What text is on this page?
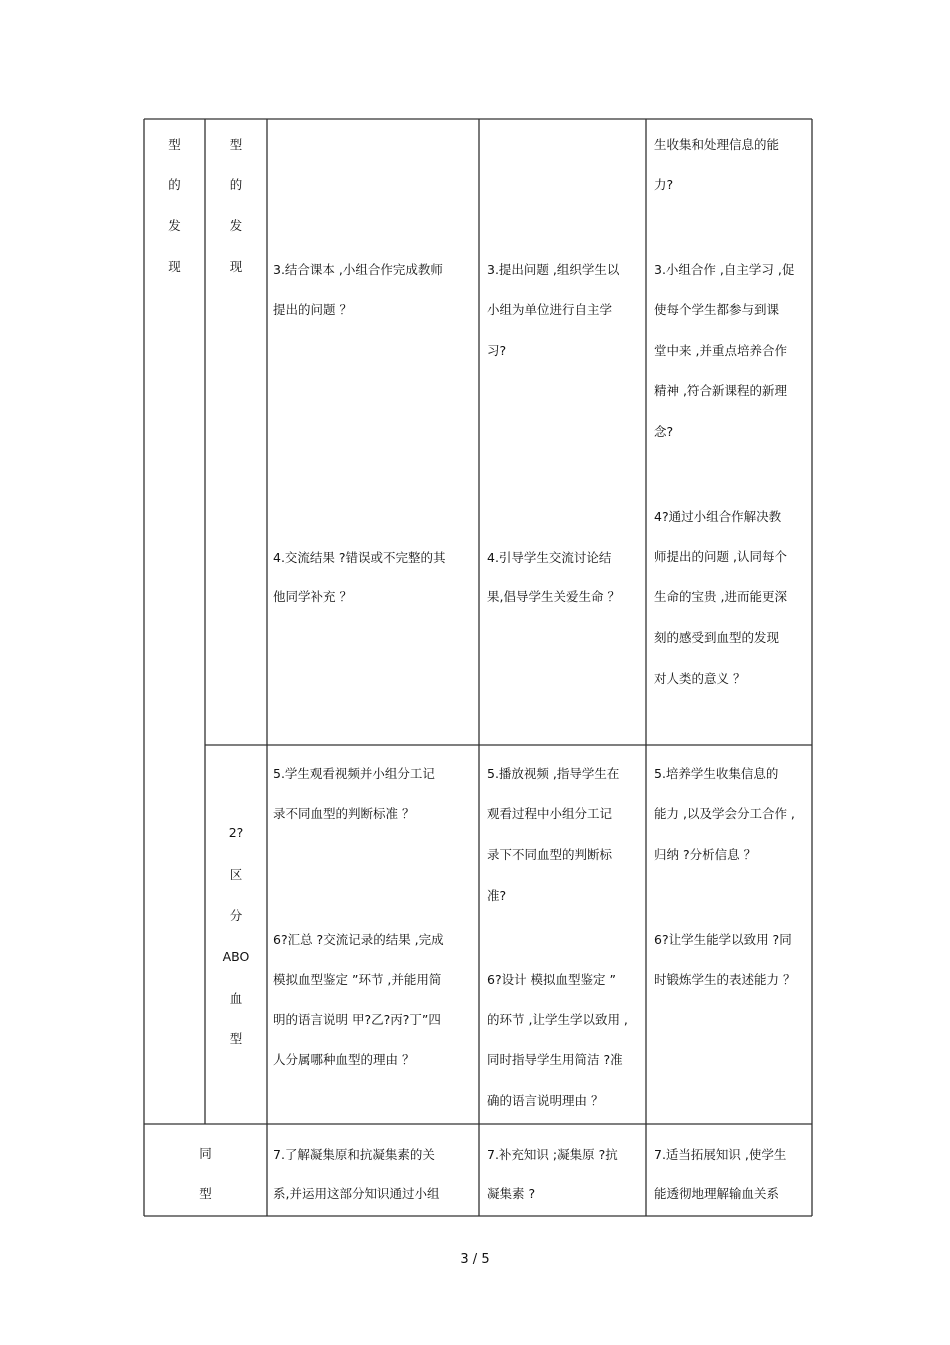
型
的
发
现
型
的
发
现
2?
区
分
ABO
血
型
同
型
3.结合课本 ,小组合作完成教师
提出的问题 ？
4.交流结果 ?错误或不完整的其
他同学补充 ？
5.学生观看视频并小组分工记
录不同血型的判断标准 ？
6?汇总 ?交流记录的结果 ,完成
模拟血型鉴定 ”环节 ,并能用简
明的语言说明 甲?乙?丙?丁”四
人分属哪种血型的理由 ？
7.了解凝集原和抗凝集素的关
系,并运用这部分知识通过小组
3.提出问题 ,组织学生以
小组为单位进行自主学
习?
4.引导学生交流讨论结
果,倡导学生关爱生命 ？
5.播放视频 ,指导学生在
观看过程中小组分工记
录下不同血型的判断标
准?
6?设计 模拟血型鉴定 ”
的环节 ,让学生学以致用 ,
同时指导学生用简洁 ?准
确的语言说明理由 ？
7.补充知识 ;凝集原 ?抗
凝集素 ?
生收集和处理信息的能
力?
3.小组合作 ,自主学习 ,促
使每个学生都参与到课
堂中来 ,并重点培养合作
精神 ,符合新课程的新理
念?
4?通过小组合作解决教
师提出的问题 ,认同每个
生命的宝贵 ,进而能更深
刻的感受到血型的发现
对人类的意义 ？
5.培养学生收集信息的
能力 ,以及学会分工合作 ,
归纳 ?分析信息 ？
6?让学生能学以致用 ?同
时锻炼学生的表述能力 ？
7.适当拓展知识 ,使学生
能透彻地理解输血关系
3 / 5
